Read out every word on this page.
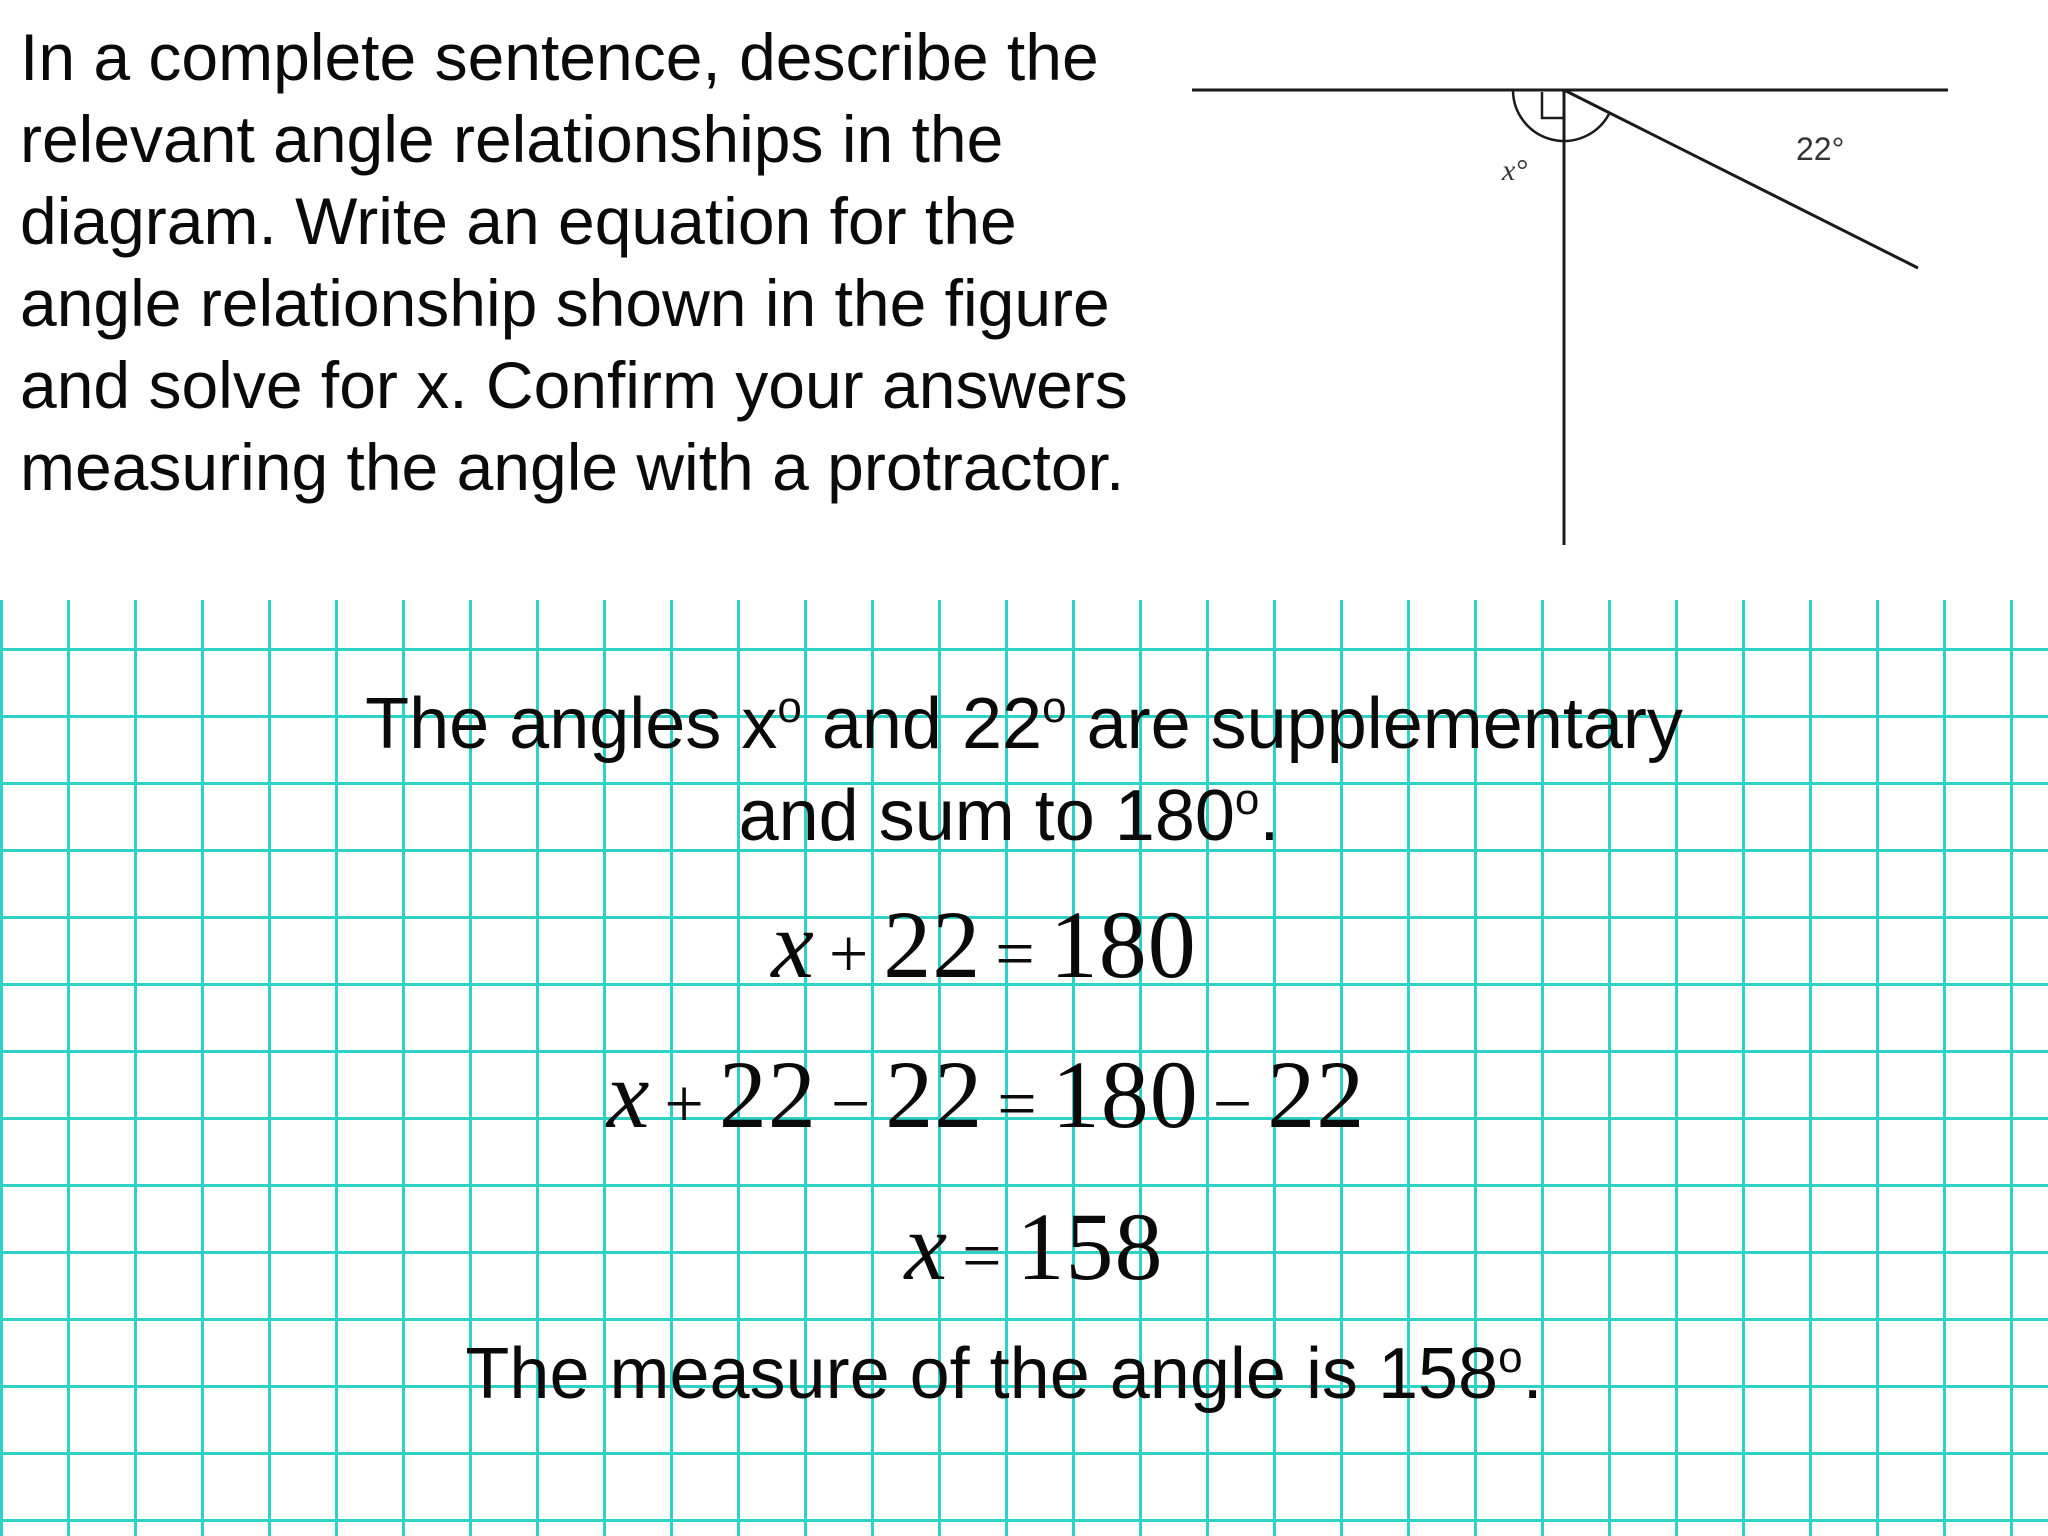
In a complete sentence, describe the relevant angle relationships in the diagram. Write an equation for the angle relationship shown in the figure and solve for x. Confirm your answers measuring the angle with a protractor.

x°
22°

The angles $x^o$ and 22$^o$ are supplementary
and sum to 180$^o$.

x + 22 = 180

x + 22 − 22 = 180 − 22

x = 158

The measure of the angle is 158$^o$.
